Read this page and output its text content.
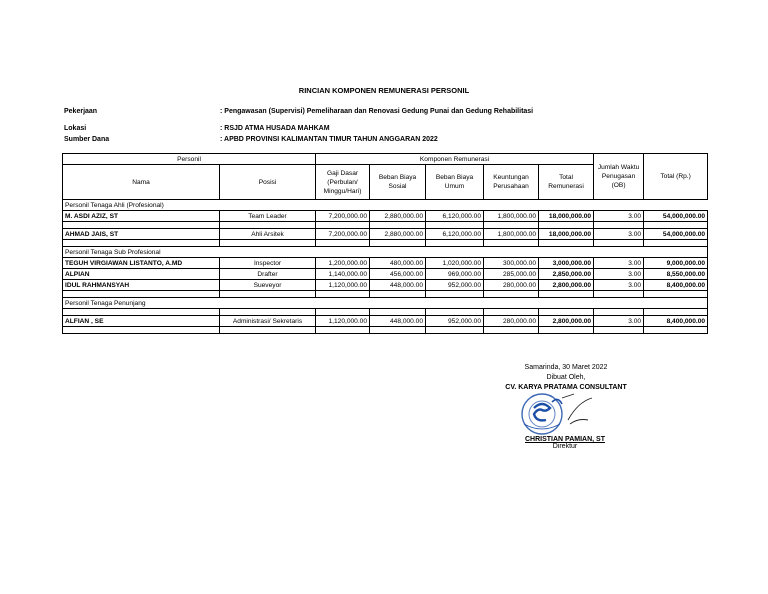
RINCIAN KOMPONEN REMUNERASI PERSONIL
Pekerjaan	: Pengawasan (Supervisi) Pemeliharaan dan Renovasi Gedung Punai dan Gedung Rehabilitasi
Lokasi	: RSJD ATMA HUSADA MAHKAM
Sumber Dana	: APBD PROVINSI KALIMANTAN TIMUR TAHUN ANGGARAN 2022
Personil		Komponen Remunerasi					Jumlah Waktu Penugasan (OB)	Total (Rp.)
Nama	Posisi	Gaji Dasar (Perbulan/ Minggu/Hari)	Beban Biaya Sosial	Beban Biaya Umum	Keuntungan Perusahaan	Total Remunerasi		
Personil Tenaga Ahli (Profesional)								
M. ASDI AZIZ, ST	Team Leader	7,200,000.00	2,880,000.00	6,120,000.00	1,800,000.00	18,000,000.00	3.00	54,000,000.00

AHMAD JAIS, ST	Ahli Arsitek	7,200,000.00	2,880,000.00	6,120,000.00	1,800,000.00	18,000,000.00	3.00	54,000,000.00

Personil Tenaga Sub Profesional								
TEGUH VIRGIAWAN LISTANTO, A.MD	Inspector	1,200,000.00	480,000.00	1,020,000.00	300,000.00	3,000,000.00	3.00	9,000,000.00
ALPIAN	Drafter	1,140,000.00	456,000.00	969,000.00	285,000.00	2,850,000.00	3.00	8,550,000.00
IDUL RAHMANSYAH	Sueveyor	1,120,000.00	448,000.00	952,000.00	280,000.00	2,800,000.00	3.00	8,400,000.00

Personil Tenaga Penunjang								

ALFIAN , SE	Administrasi/ Sekretaris	1,120,000.00	448,000.00	952,000.00	280,000.00	2,800,000.00	3.00	8,400,000.00

Samarinda, 30 Maret 2022
Dibuat Oleh,
CV. KARYA PRATAMA CONSULTANT
CHRISTIAN PAMIAN, ST
Direktur
